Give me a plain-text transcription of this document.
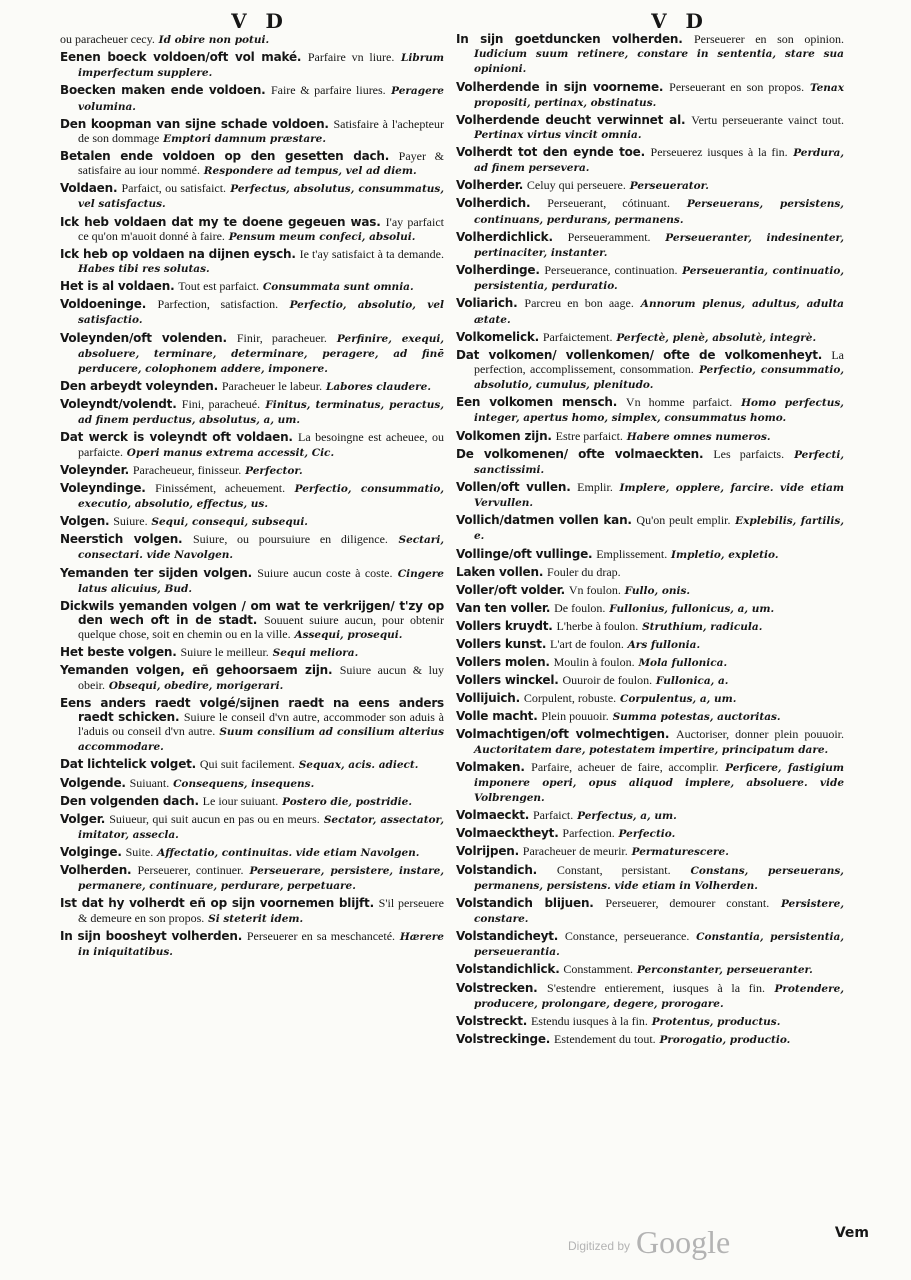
V D	V D

ou paracheuer cecy. Id obire non potui.

Eenen boeck voldoen/oft vol maké. Parfaire vn liure. Librum imperfectum supplere.

Boecken maken ende voldoen. Faire & parfaire liures. Peragere volumina.

Den koopman van sijne schade voldoen. Satisfaire à l'achepteur de son dommage Emptori damnum præstare.

Betalen ende voldoen op den gesetten dach. Payer & satisfaire au iour nommé. Respondere ad tempus, vel ad diem.

Voldaen. Parfaict, ou satisfaict. Perfectus, absolutus, consummatus, vel satisfactus.

Ick heb voldaen dat my te doene gegeuen was. I'ay parfaict ce qu'on m'auoit donné à faire. Pensum meum confeci, absolui.

Ick heb op voldaen na dijnen eysch. Ie t'ay satisfaict à ta demande. Habes tibi res solutas.

Het is al voldaen. Tout est parfaict. Consummata sunt omnia.

Voldoeninge. Parfection, satisfaction. Perfectio, absolutio, vel satisfactio.

Voleynden/oft volenden. Finir, paracheuer. Perfinire, exequi, absoluere, terminare, determinare, peragere, ad finē perducere, colophonem addere, imponere.

Den arbeydt voleynden. Paracheuer le labeur. Labores claudere.

Voleyndt/volendt. Fini, paracheué. Finitus, terminatus, peractus, ad finem perductus, absolutus, a, um.

Dat werck is voleyndt oft voldaen. La besoingne est acheuee, ou parfaicte. Operi manus extrema accessit, Cic.

Voleynder. Paracheueur, finisseur. Perfector.

Voleyndinge. Finissément, acheuement. Perfectio, consummatio, executio, absolutio, effectus, us.

Volgen. Suiure. Sequi, consequi, subsequi.

Neerstich volgen. Suiure, ou poursuiure en diligence. Sectari, consectari. vide Navolgen.

Yemanden ter sijden volgen. Suiure aucun coste à coste. Cingere latus alicuius, Bud.

Dickwils yemanden volgen / om wat te verkrijgen/ t'zy op den wech oft in de stadt. Souuent suiure aucun, pour obtenir quelque chose, soit en chemin ou en la ville. Assequi, prosequi.

Het beste volgen. Suiure le meilleur. Sequi meliora.

Yemanden volgen, eñ gehoorsaem zijn. Suiure aucun & luy obeir. Obsequi, obedire, morigerari.

Eens anders raedt volgé/sijnen raedt na eens anders raedt schicken. Suiure le conseil d'vn autre, accommoder son aduis à l'aduis ou conseil d'vn autre. Suum consilium ad consilium alterius accommodare.

Dat lichtelick volget. Qui suit facilement. Sequax, acis. adiect.

Volgende. Suiuant. Consequens, insequens.

Den volgenden dach. Le iour suiuant. Postero die, postridie.

Volger. Suiueur, qui suit aucun en pas ou en meurs. Sectator, assectator, imitator, assecla.

Volginge. Suite. Affectatio, continuitas. vide etiam Navolgen.

Volherden. Perseuerer, continuer. Perseuerare, persistere, instare, permanere, continuare, perdurare, perpetuare.

Ist dat hy volherdt eñ op sijn voornemen blijft. S'il perseuere & demeure en son propos. Si steterit idem.

In sijn boosheyt volherden. Perseuerer en sa meschanceté. Hærere in iniquitatibus.

In sijn goetduncken volherden. Perseuerer en son opinion. Iudicium suum retinere, constare in sententia, stare sua opinioni.

Volherdende in sijn voorneme. Perseuerant en son propos. Tenax propositi, pertinax, obstinatus.

Volherdende deucht verwinnet al. Vertu perseuerante vainct tout. Pertinax virtus vincit omnia.

Volherdt tot den eynde toe. Perseuerez iusques à la fin. Perdura, ad finem persevera.

Volherder. Celuy qui perseuere. Perseuerator.

Volherdich. Perseuerant, cótinuant. Perseuerans, persistens, continuans, perdurans, permanens.

Volherdichlick. Perseueramment. Perseueranter, indesinenter, pertinaciter, instanter.

Volherdinge. Perseuerance, continuation. Perseuerantia, continuatio, persistentia, perduratio.

Voliarich. Parcreu en bon aage. Annorum plenus, adultus, adulta ætate.

Volkomelick. Parfaictement. Perfectè, plenè, absolutè, integrè.

Dat volkomen/ vollenkomen/ ofte de volkomenheyt. La perfection, accomplissement, consommation. Perfectio, consummatio, absolutio, cumulus, plenitudo.

Een volkomen mensch. Vn homme parfaict. Homo perfectus, integer, apertus homo, simplex, consummatus homo.

Volkomen zijn. Estre parfaict. Habere omnes numeros.

De volkomenen/ ofte volmaeckten. Les parfaicts. Perfecti, sanctissimi.

Vollen/oft vullen. Emplir. Implere, opplere, farcire. vide etiam Vervullen.

Vollich/datmen vollen kan. Qu'on peult emplir. Explebilis, fartilis, e.

Vollinge/oft vullinge. Emplissement. Impletio, expletio.

Laken vollen. Fouler du drap.

Voller/oft volder. Vn foulon. Fullo, onis.

Van ten voller. De foulon. Fullonius, fullonicus, a, um.

Vollers kruydt. L'herbe à foulon. Struthium, radicula.

Vollers kunst. L'art de foulon. Ars fullonia.

Vollers molen. Moulin à foulon. Mola fullonica.

Vollers winckel. Ouuroir de foulon. Fullonica, a.

Vollijuich. Corpulent, robuste. Corpulentus, a, um.

Volle macht. Plein pouuoir. Summa potestas, auctoritas.

Volmachtigen/oft volmechtigen. Auctoriser, donner plein pouuoir. Auctoritatem dare, potestatem impertire, principatum dare.

Volmaken. Parfaire, acheuer de faire, accomplir. Perficere, fastigium imponere operi, opus aliquod implere, absoluere. vide Volbrengen.

Volmaeckt. Parfaict. Perfectus, a, um.

Volmaecktheyt. Parfection. Perfectio.

Volrijpen. Paracheuer de meurir. Permaturescere.

Volstandich. Constant, persistant. Constans, perseuerans, permanens, persistens. vide etiam in Volherden.

Volstandich blijuen. Perseuerer, demourer constant. Persistere, constare.

Volstandicheyt. Constance, perseuerance. Constantia, persistentia, perseuerantia.

Volstandichlick. Constamment. Perconstanter, perseueranter.

Volstrecken. S'estendre entierement, iusques à la fin. Protendere, producere, prolongare, degere, prorogare.

Volstreckt. Estendu iusques à la fin. Protentus, productus.

Volstreckinge. Estendement du tout. Prorogatio, productio.

Digitized by Google	Vem
